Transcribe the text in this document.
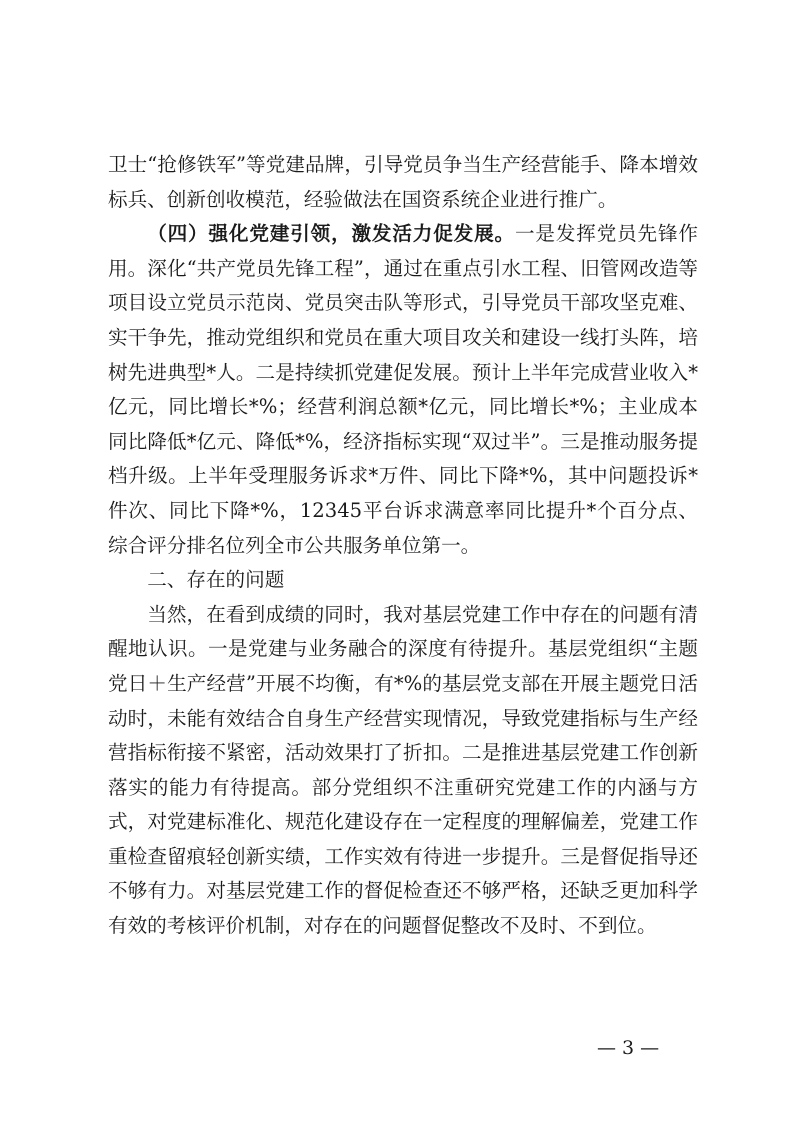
卫士“抢修铁军”等党建品牌，引导党员争当生产经营能手、降本增效标兵、创新创收模范，经验做法在国资系统企业进行推广。

（四）强化党建引领，激发活力促发展。一是发挥党员先锋作用。深化“共产党员先锋工程”，通过在重点引水工程、旧管网改造等项目设立党员示范岗、党员突击队等形式，引导党员干部攻坚克难、实干争先，推动党组织和党员在重大项目攻关和建设一线打头阵，培树先进典型*人。二是持续抓党建促发展。预计上半年完成营业收入*亿元，同比增长*%；经营利润总额*亿元，同比增长*%；主业成本同比降低*亿元、降低*%，经济指标实现“双过半”。三是推动服务提档升级。上半年受理服务诉求*万件、同比下降*%，其中问题投诉*件次、同比下降*%，12345平台诉求满意率同比提升*个百分点、综合评分排名位列全市公共服务单位第一。

二、存在的问题

当然，在看到成绩的同时，我对基层党建工作中存在的问题有清醒地认识。一是党建与业务融合的深度有待提升。基层党组织“主题党日＋生产经营”开展不均衡，有*%的基层党支部在开展主题党日活动时，未能有效结合自身生产经营实现情况，导致党建指标与生产经营指标衔接不紧密，活动效果打了折扣。二是推进基层党建工作创新落实的能力有待提高。部分党组织不注重研究党建工作的内涵与方式，对党建标准化、规范化建设存在一定程度的理解偏差，党建工作重检查留痕轻创新实绩，工作实效有待进一步提升。三是督促指导还不够有力。对基层党建工作的督促检查还不够严格，还缺乏更加科学有效的考核评价机制，对存在的问题督促整改不及时、不到位。

— 3 —
